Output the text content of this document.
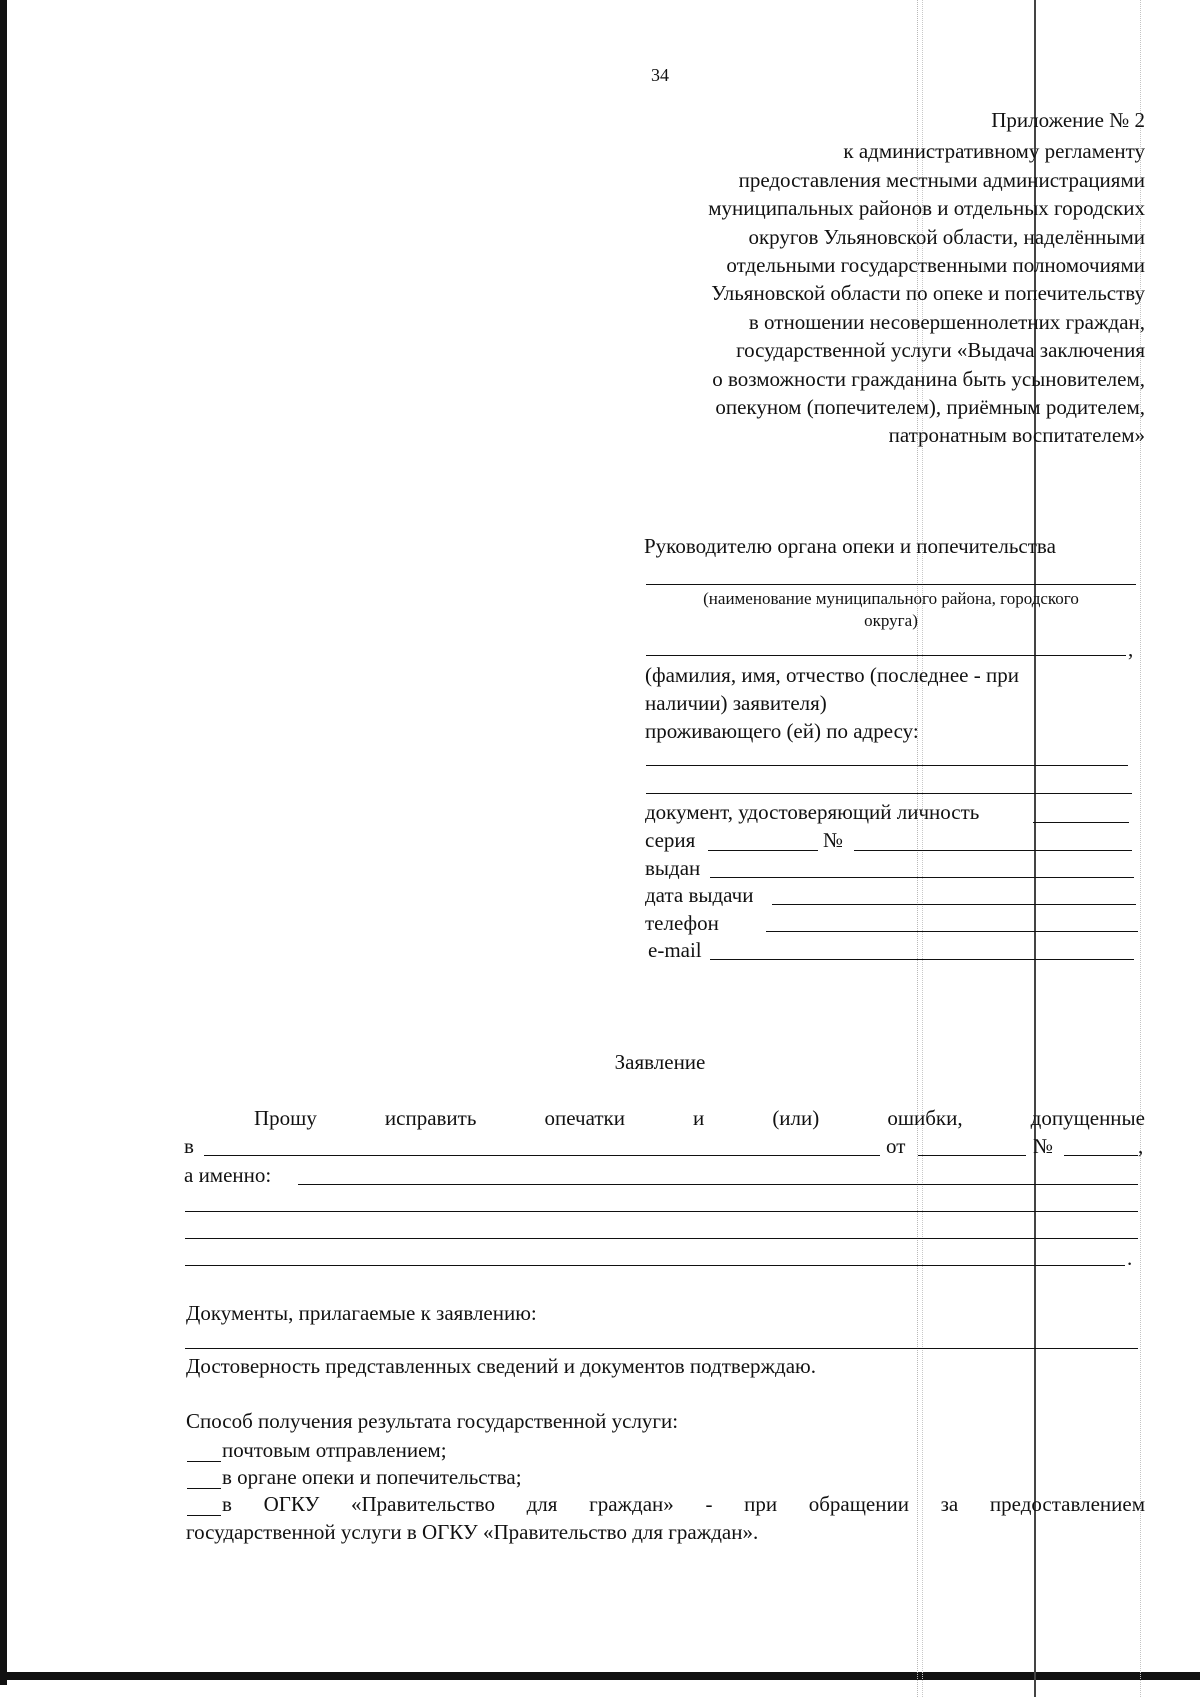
34
Приложение № 2
к административному регламенту
предоставления местными администрациями
муниципальных районов и отдельных городских
округов Ульяновской области, наделёнными
отдельными государственными полномочиями
Ульяновской области по опеке и попечительству
в отношении несовершеннолетних граждан,
государственной услуги «Выдача заключения
о возможности гражданина быть усыновителем,
опекуном (попечителем), приёмным родителем,
патронатным воспитателем»
Руководителю органа опеки и попечительства
(наименование муниципального района, городского
округа)
,
(фамилия, имя, отчество (последнее - при
наличии) заявителя)
проживающего (ей) по адресу:
документ, удостоверяющий личность
серия	№
выдан
дата выдачи
телефон
e-mail
Заявление
Прошу	исправить	опечатки	и	(или)	ошибки,	допущенные
в	от	№	,
а именно:
.
Документы, прилагаемые к заявлению:
Достоверность представленных сведений и документов подтверждаю.
Способ получения результата государственной услуги:
почтовым отправлением;
в органе опеки и попечительства;
в ОГКУ «Правительство для граждан» - при обращении за предоставлением
государственной услуги в ОГКУ «Правительство для граждан».
